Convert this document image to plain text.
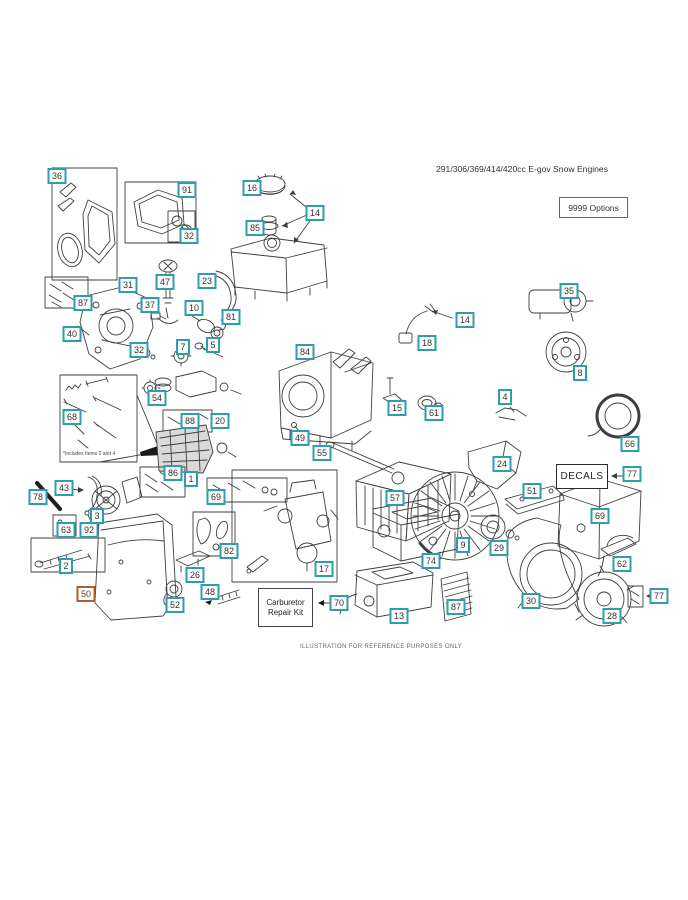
291/306/369/414/420cc E-gov Snow Engines
9999 Options
36
91
32
16
85
14
47	23
31
87	37	10
81
40
32	7	5
84
14
18
35
8
15	61
4
66
54
68	88	20
86
1
78
43
3
63	92
2
50
26
52
48
70
13
87
17
69
82
55
49
9	29
74
57
24
51
69
62
77
28
30
77
DECALS
Carburetor
Repair Kit
*Includes Items 2 and 4
ILLUSTRATION FOR REFERENCE PURPOSES ONLY
